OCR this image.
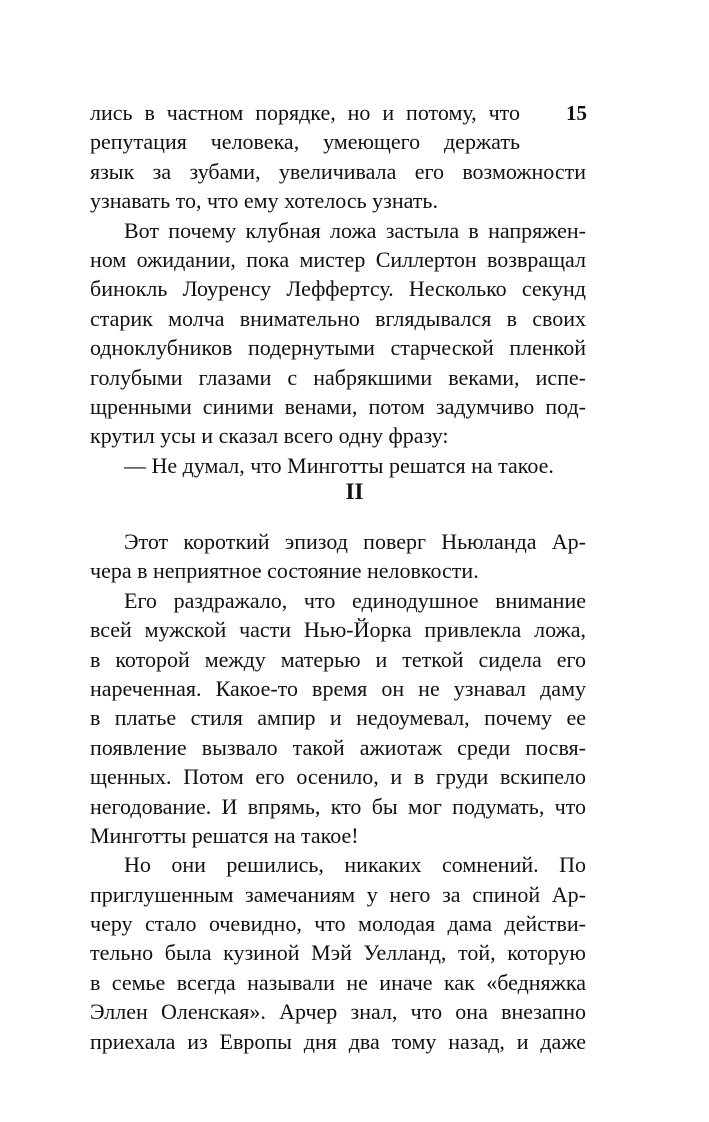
15
лись в частном порядке, но и потому, что
репутация человека, умеющего держать
язык за зубами, увеличивала его возможности
узнавать то, что ему хотелось узнать.
Вот почему клубная ложа застыла в напряжен-
ном ожидании, пока мистер Силлертон возвращал
бинокль Лоуренсу Леффертсу. Несколько секунд
старик молча внимательно вглядывался в своих
одноклубников подернутыми старческой пленкой
голубыми глазами с набрякшими веками, испе-
щренными синими венами, потом задумчиво под-
крутил усы и сказал всего одну фразу:
— Не думал, что Минготты решатся на такое.
II
Этот короткий эпизод поверг Ньюланда Ар-
чера в неприятное состояние неловкости.
Его раздражало, что единодушное внимание
всей мужской части Нью-Йорка привлекла ложа,
в которой между матерью и теткой сидела его
нареченная. Какое-то время он не узнавал даму
в платье стиля ампир и недоумевал, почему ее
появление вызвало такой ажиотаж среди посвя-
щенных. Потом его осенило, и в груди вскипело
негодование. И впрямь, кто бы мог подумать, что
Минготты решатся на такое!
Но они решились, никаких сомнений. По
приглушенным замечаниям у него за спиной Ар-
черу стало очевидно, что молодая дама действи-
тельно была кузиной Мэй Уелланд, той, которую
в семье всегда называли не иначе как «бедняжка
Эллен Оленская». Арчер знал, что она внезапно
приехала из Европы дня два тому назад, и даже
